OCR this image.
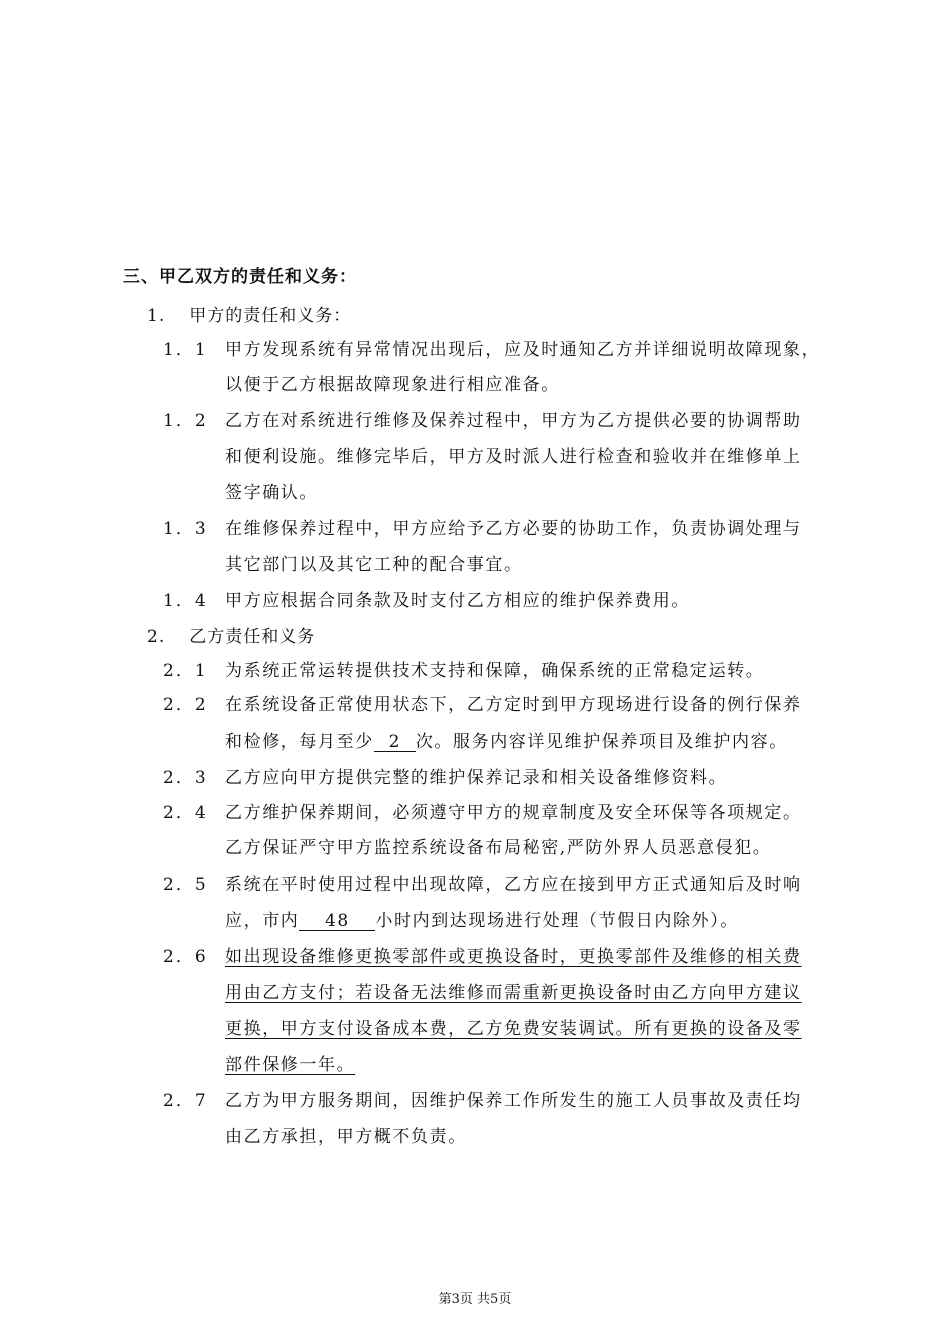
三、甲乙双方的责任和义务：
1. 甲方的责任和义务：
1．1 甲方发现系统有异常情况出现后，应及时通知乙方并详细说明故障现象，
以便于乙方根据故障现象进行相应准备。
1．2 乙方在对系统进行维修及保养过程中，甲方为乙方提供必要的协调帮助
和便利设施。维修完毕后，甲方及时派人进行检查和验收并在维修单上
签字确认。
1．3 在维修保养过程中，甲方应给予乙方必要的协助工作，负责协调处理与
其它部门以及其它工种的配合事宜。
1．4 甲方应根据合同条款及时支付乙方相应的维护保养费用。
2. 乙方责任和义务
2．1 为系统正常运转提供技术支持和保障，确保系统的正常稳定运转。
2．2 在系统设备正常使用状态下，乙方定时到甲方现场进行设备的例行保养
和检修，每月至少 2 次。服务内容详见维护保养项目及维护内容。
2．3 乙方应向甲方提供完整的维护保养记录和相关设备维修资料。
2．4 乙方维护保养期间，必须遵守甲方的规章制度及安全环保等各项规定。
乙方保证严守甲方监控系统设备布局秘密,严防外界人员恶意侵犯。
2．5 系统在平时使用过程中出现故障，乙方应在接到甲方正式通知后及时响
应，市内 48 小时内到达现场进行处理（节假日内除外）。
2．6 如出现设备维修更换零部件或更换设备时，更换零部件及维修的相关费
用由乙方支付；若设备无法维修而需重新更换设备时由乙方向甲方建议
更换，甲方支付设备成本费，乙方免费安装调试。所有更换的设备及零
部件保修一年。
2．7 乙方为甲方服务期间，因维护保养工作所发生的施工人员事故及责任均
由乙方承担，甲方概不负责。
第3页 共5页
